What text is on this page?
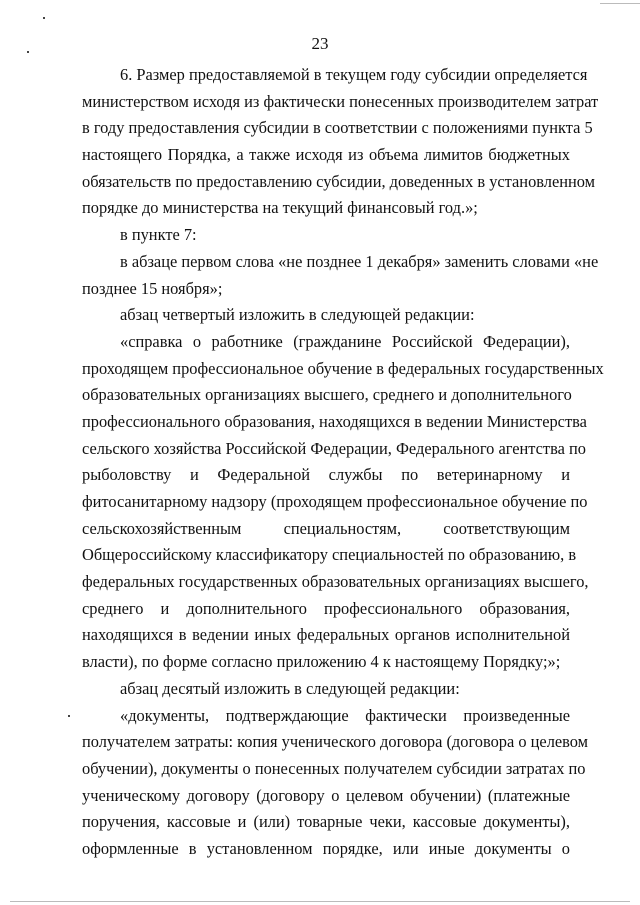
23
6. Размер предоставляемой в текущем году субсидии определяется
министерством исходя из фактически понесенных производителем затрат
в году предоставления субсидии в соответствии с положениями пункта 5
настоящего Порядка, а также исходя из объема лимитов бюджетных
обязательств по предоставлению субсидии, доведенных в установленном
порядке до министерства на текущий финансовый год.»;
в пункте 7:
в абзаце первом слова «не позднее 1 декабря» заменить словами «не
позднее 15 ноября»;
абзац четвертый изложить в следующей редакции:
«справка о работнике (гражданине Российской Федерации),
проходящем профессиональное обучение в федеральных государственных
образовательных организациях высшего, среднего и дополнительного
профессионального образования, находящихся в ведении Министерства
сельского хозяйства Российской Федерации, Федерального агентства по
рыболовству и Федеральной службы по ветеринарному и
фитосанитарному надзору (проходящем профессиональное обучение по
сельскохозяйственным специальностям, соответствующим
Общероссийскому классификатору специальностей по образованию, в
федеральных государственных образовательных организациях высшего,
среднего и дополнительного профессионального образования,
находящихся в ведении иных федеральных органов исполнительной
власти), по форме согласно приложению 4 к настоящему Порядку;»;
абзац десятый изложить в следующей редакции:
«документы, подтверждающие фактически произведенные
получателем затраты: копия ученического договора (договора о целевом
обучении), документы о понесенных получателем субсидии затратах по
ученическому договору (договору о целевом обучении) (платежные
поручения, кассовые и (или) товарные чеки, кассовые документы),
оформленные в установленном порядке, или иные документы о
